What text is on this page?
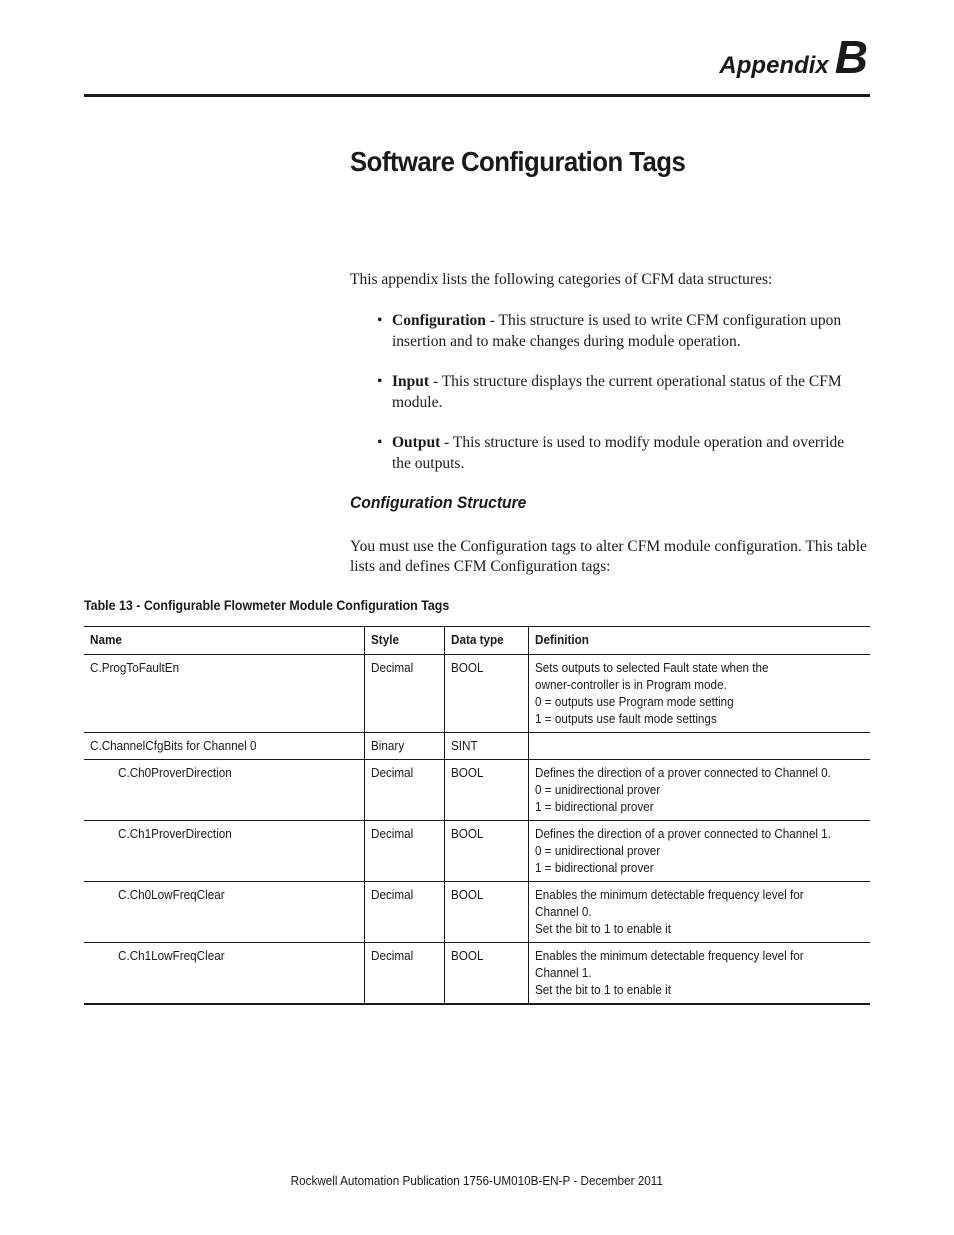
Appendix B
Software Configuration Tags

This appendix lists the following categories of CFM data structures:

• Configuration - This structure is used to write CFM configuration upon insertion and to make changes during module operation.
• Input - This structure displays the current operational status of the CFM module.
• Output - This structure is used to modify module operation and override the outputs.
Configuration Structure

You must use the Configuration tags to alter CFM module configuration. This table lists and defines CFM Configuration tags:

Table 13 - Configurable Flowmeter Module Configuration Tags

Name	Style	Data type	Definition
C.ProgToFaultEn	Decimal	BOOL	Sets outputs to selected Fault state when the
owner-controller is in Program mode.
0 = outputs use Program mode setting
1 = outputs use fault mode settings

C.ChannelCfgBits for Channel 0	Binary	SINT	
C.Ch0ProverDirection	Decimal	BOOL	Defines the direction of a prover connected to Channel 0.
0 = unidirectional prover
1 = bidirectional prover

C.Ch1ProverDirection	Decimal	BOOL	Defines the direction of a prover connected to Channel 1.
0 = unidirectional prover
1 = bidirectional prover

C.Ch0LowFreqClear	Decimal	BOOL	Enables the minimum detectable frequency level for
Channel 0.
Set the bit to 1 to enable it

C.Ch1LowFreqClear	Decimal	BOOL	Enables the minimum detectable frequency level for
Channel 1.
Set the bit to 1 to enable it
Rockwell Automation Publication 1756-UM010B-EN-P - December 2011
